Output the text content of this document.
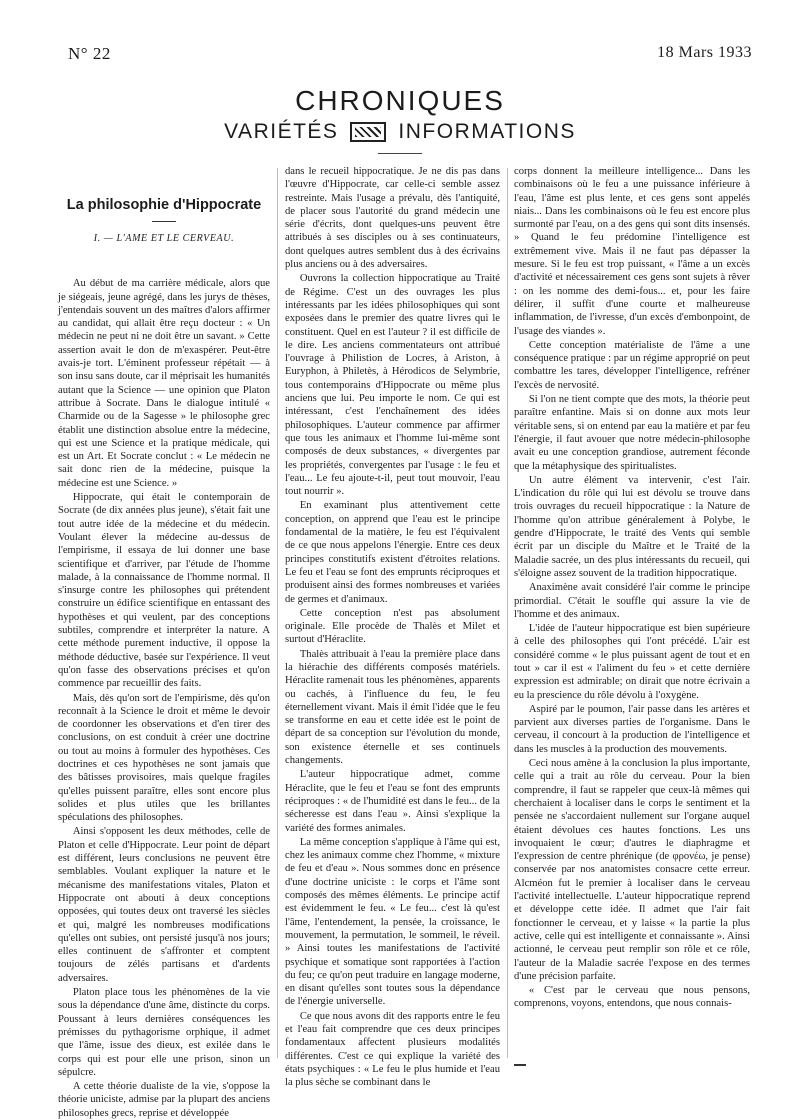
N° 22	18 Mars 1933
CHRONIQUES
VARIÉTÉS	INFORMATIONS
La philosophie d'Hippocrate
I. — L'AME ET LE CERVEAU.

Au début de ma carrière médicale, alors que je siégeais, jeune agrégé, dans les jurys de thèses, j'entendais souvent un des maîtres d'alors affirmer au candidat, qui allait être reçu docteur : « Un médecin ne peut ni ne doit être un savant. » Cette assertion avait le don de m'exaspérer. Peut-être avais-je tort. L'éminent professeur répétait — à son insu sans doute, car il méprisait les humanités autant que la Science — une opinion que Platon attribue à Socrate. Dans le dialogue intitulé « Charmide ou de la Sagesse » le philosophe grec établit une distinction absolue entre la médecine, qui est une Science et la pratique médicale, qui est un Art. Et Socrate conclut : « Le médecin ne sait donc rien de la médecine, puisque la médecine est une Science. »

Hippocrate, qui était le contemporain de Socrate (de dix années plus jeune), s'était fait une tout autre idée de la médecine et du médecin. Voulant élever la médecine au-dessus de l'empirisme, il essaya de lui donner une base scientifique et d'arriver, par l'étude de l'homme malade, à la connaissance de l'homme normal. Il s'insurge contre les philosophes qui prétendent construire un édifice scientifique en entassant des hypothèses et qui veulent, par des conceptions subtiles, comprendre et interpréter la nature. A cette méthode purement inductive, il oppose la méthode déductive, basée sur l'expérience. Il veut qu'on fasse des observations précises et qu'on commence par recueillir des faits.

Mais, dès qu'on sort de l'empirisme, dès qu'on reconnaît à la Science le droit et même le devoir de coordonner les observations et d'en tirer des conclusions, on est conduit à créer une doctrine ou tout au moins à formuler des hypothèses. Ces doctrines et ces hypothèses ne sont jamais que des bâtisses provisoires, mais quelque fragiles qu'elles puissent paraître, elles sont encore plus solides et plus utiles que les brillantes spéculations des philosophes.

Ainsi s'opposent les deux méthodes, celle de Platon et celle d'Hippocrate. Leur point de départ est différent, leurs conclusions ne peuvent être semblables. Voulant expliquer la nature et le mécanisme des manifestations vitales, Platon et Hippocrate ont abouti à deux conceptions opposées, qui toutes deux ont traversé les siècles et qui, malgré les nombreuses modifications qu'elles ont subies, ont persisté jusqu'à nos jours; elles continuent de s'affronter et comptent toujours de zélés partisans et d'ardents adversaires.

Platon place tous les phénomènes de la vie sous la dépendance d'une âme, distincte du corps. Poussant à leurs dernières conséquences les prémisses du pythagorisme orphique, il admet que l'âme, issue des dieux, est exilée dans le corps qui est pour elle une prison, sinon un sépulcre.

A cette théorie dualiste de la vie, s'oppose la théorie uniciste, admise par la plupart des anciens philosophes grecs, reprise et développée

dans le recueil hippocratique. Je ne dis pas dans l'œuvre d'Hippocrate, car celle-ci semble assez restreinte. Mais l'usage a prévalu, dès l'antiquité, de placer sous l'autorité du grand médecin une série d'écrits, dont quelques-uns peuvent être attribués à ses disciples ou à ses continuateurs, dont quelques autres semblent dus à des écrivains plus anciens ou à des adversaires.

Ouvrons la collection hippocratique au Traité de Régime. C'est un des ouvrages les plus intéressants par les idées philosophiques qui sont exposées dans le premier des quatre livres qui le constituent. Quel en est l'auteur ? il est difficile de le dire. Les anciens commentateurs ont attribué l'ouvrage à Philistion de Locres, à Ariston, à Euryphon, à Philetès, à Hérodicos de Selymbrie, tous contemporains d'Hippocrate ou même plus anciens que lui. Peu importe le nom. Ce qui est intéressant, c'est l'enchaînement des idées philosophiques. L'auteur commence par affirmer que tous les animaux et l'homme lui-même sont composés de deux substances, « divergentes par les propriétés, convergentes par l'usage : le feu et l'eau... Le feu ajoute-t-il, peut tout mouvoir, l'eau tout nourrir ».

En examinant plus attentivement cette conception, on apprend que l'eau est le principe fondamental de la matière, le feu est l'équivalent de ce que nous appelons l'énergie. Entre ces deux principes constitutifs existent d'étroites relations. Le feu et l'eau se font des emprunts réciproques et produisent ainsi des formes nombreuses et variées de germes et d'animaux.

Cette conception n'est pas absolument originale. Elle procède de Thalès et Milet et surtout d'Héraclite.

Thalès attribuait à l'eau la première place dans la hiérachie des différents composés matériels. Héraclite ramenait tous les phénomènes, apparents ou cachés, à l'influence du feu, le feu éternellement vivant. Mais il émit l'idée que le feu se transforme en eau et cette idée est le point de départ de sa conception sur l'évolution du monde, son existence éternelle et ses continuels changements.

L'auteur hippocratique admet, comme Héraclite, que le feu et l'eau se font des emprunts réciproques : « de l'humidité est dans le feu... de la sécheresse est dans l'eau ». Ainsi s'explique la variété des formes animales.

La même conception s'applique à l'âme qui est, chez les animaux comme chez l'homme, « mixture de feu et d'eau ». Nous sommes donc en présence d'une doctrine uniciste : le corps et l'âme sont composés des mêmes éléments. Le principe actif est évidemment le feu. « Le feu... c'est là qu'est l'âme, l'entendement, la pensée, la croissance, le mouvement, la permutation, le sommeil, le réveil. » Ainsi toutes les manifestations de l'activité psychique et somatique sont rapportées à l'action du feu; ce qu'on peut traduire en langage moderne, en disant qu'elles sont toutes sous la dépendance de l'énergie universelle.

Ce que nous avons dit des rapports entre le feu et l'eau fait comprendre que ces deux principes fondamentaux affectent plusieurs modalités différentes. C'est ce qui explique la variété des états psychiques : « Le feu le plus humide et l'eau la plus sèche se combinant dans le

corps donnent la meilleure intelligence... Dans les combinaisons où le feu a une puissance inférieure à l'eau, l'âme est plus lente, et ces gens sont appelés niais... Dans les combinaisons où le feu est encore plus surmonté par l'eau, on a des gens qui sont dits insensés. » Quand le feu prédomine l'intelligence est extrêmement vive. Mais il ne faut pas dépasser la mesure. Si le feu est trop puissant, « l'âme a un excès d'activité et nécessairement ces gens sont sujets à rêver : on les nomme des demi-fous... et, pour les faire délirer, il suffit d'une courte et malheureuse inflammation, de l'ivresse, d'un excès d'embonpoint, de l'usage des viandes ».

Cette conception matérialiste de l'âme a une conséquence pratique : par un régime approprié on peut combattre les tares, développer l'intelligence, refréner l'excès de nervosité.

Si l'on ne tient compte que des mots, la théorie peut paraître enfantine. Mais si on donne aux mots leur véritable sens, si on entend par eau la matière et par feu l'énergie, il faut avouer que notre médecin-philosophe avait eu une conception grandiose, autrement féconde que la métaphysique des spiritualistes.

Un autre élément va intervenir, c'est l'air. L'indication du rôle qui lui est dévolu se trouve dans trois ouvrages du recueil hippocratique : la Nature de l'homme qu'on attribue généralement à Polybe, le gendre d'Hippocrate, le traité des Vents qui semble écrit par un disciple du Maître et le Traité de la Maladie sacrée, un des plus intéressants du recueil, qui s'éloigne assez souvent de la tradition hippocratique.

Anaximène avait considéré l'air comme le principe primordial. C'était le souffle qui assure la vie de l'homme et des animaux.

L'idée de l'auteur hippocratique est bien supérieure à celle des philosophes qui l'ont précédé. L'air est considéré comme « le plus puissant agent de tout et en tout » car il est « l'aliment du feu » et cette dernière expression est admirable; on dirait que notre écrivain a eu la prescience du rôle dévolu à l'oxygène.

Aspiré par le poumon, l'air passe dans les artères et parvient aux diverses parties de l'organisme. Dans le cerveau, il concourt à la production de l'intelligence et dans les muscles à la production des mouvements.

Ceci nous amène à la conclusion la plus importante, celle qui a trait au rôle du cerveau. Pour la bien comprendre, il faut se rappeler que ceux-là mêmes qui cherchaient à localiser dans le corps le sentiment et la pensée ne s'accordaient nullement sur l'organe auquel étaient dévolues ces hautes fonctions. Les uns invoquaient le cœur; d'autres le diaphragme et l'expression de centre phrénique (de φρονέω, je pense) conservée par nos anatomistes consacre cette erreur. Alcméon fut le premier à localiser dans le cerveau l'activité intellectuelle. L'auteur hippocratique reprend et développe cette idée. Il admet que l'air fait fonctionner le cerveau, et y laisse « la partie la plus active, celle qui est intelligente et connaissante ». Ainsi actionné, le cerveau peut remplir son rôle et ce rôle, l'auteur de la Maladie sacrée l'expose en des termes d'une précision parfaite.

« C'est par le cerveau que nous pensons, comprenons, voyons, entendons, que nous connais-
